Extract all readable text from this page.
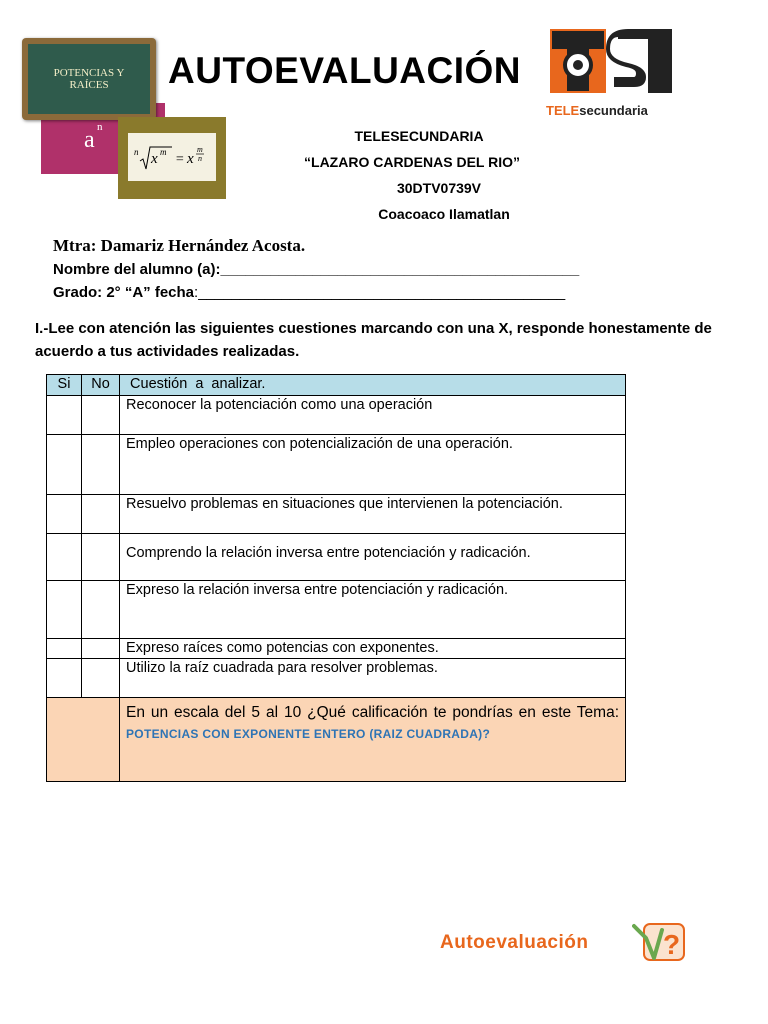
a n
POTENCIAS Y
RAÍCES
n x m = x
m
n
AUTOEVALUACIÓN
TELEsecundaria
TELESECUNDARIA
“LAZARO CARDENAS DEL RIO”
30DTV0739V
Coacoaco Ilamatlan
Mtra: Damariz Hernández Acosta.
Nombre del alumno (a):___________________________________________
Grado: 2° “A” fecha:____________________________________________
I.-Lee con atención las siguientes cuestiones marcando con una X, responde honestamente de acuerdo a tus actividades realizadas.
Si	No	Cuestión  a  analizar.
		Reconocer la potenciación como una operación
		Empleo operaciones con potencialización de una operación.
		Resuelvo problemas en situaciones que intervienen la potenciación.
		Comprendo la relación inversa entre potenciación y radicación.
		Expreso la relación inversa entre potenciación y radicación.
		Expreso raíces como potencias con exponentes.
		Utilizo la raíz cuadrada para resolver problemas.
		En un escala del 5 al 10 ¿Qué calificación te pondrías en este Tema: POTENCIAS CON EXPONENTE ENTERO (RAIZ CUADRADA)?
Autoevaluación	?
